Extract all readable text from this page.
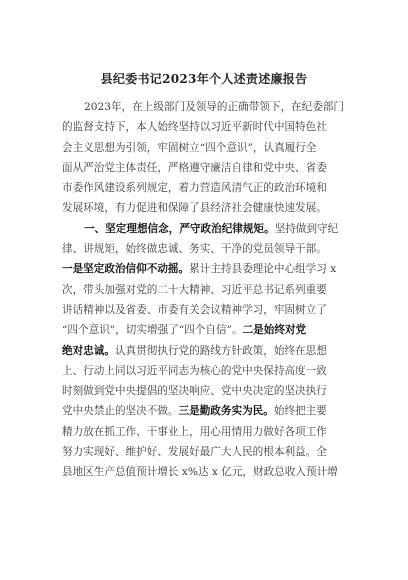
县纪委书记2023年个人述责述廉报告
2023年，在上级部门及领导的正确带领下，在纪委部门
的监督支持下，本人始终坚持以习近平新时代中国特色社
会主义思想为引领，牢固树立“四个意识”，认真履行全
面从严治党主体责任，严格遵守廉洁自律和党中央、省委
市委作风建设系列规定，着力营造风清气正的政治环境和
发展环境，有力促进和保障了县经济社会健康快速发展。
一、坚定理想信念，严守政治纪律规矩。坚持做到守纪
律、讲规矩，始终做忠诚、务实、干净的党员领导干部。
一是坚定政治信仰不动摇。累计主持县委理论中心组学习 x
次，带头加强对党的二十大精神、习近平总书记系列重要
讲话精神以及省委、市委有关会议精神学习，牢固树立了
“四个意识”，切实增强了“四个自信”。二是始终对党
绝对忠诚。认真贯彻执行党的路线方针政策，始终在思想
上、行动上同以习近平同志为核心的党中央保持高度一致
时刻做到党中央提倡的坚决响应、党中央决定的坚决执行
党中央禁止的坚决不做。三是勤政务实为民。始终把主要
精力放在抓工作、干事业上，用心用情用力做好各项工作
努力实现好、维护好、发展好最广大人民的根本利益。全
县地区生产总值预计增长 x%达 x 亿元，财政总收入预计增
